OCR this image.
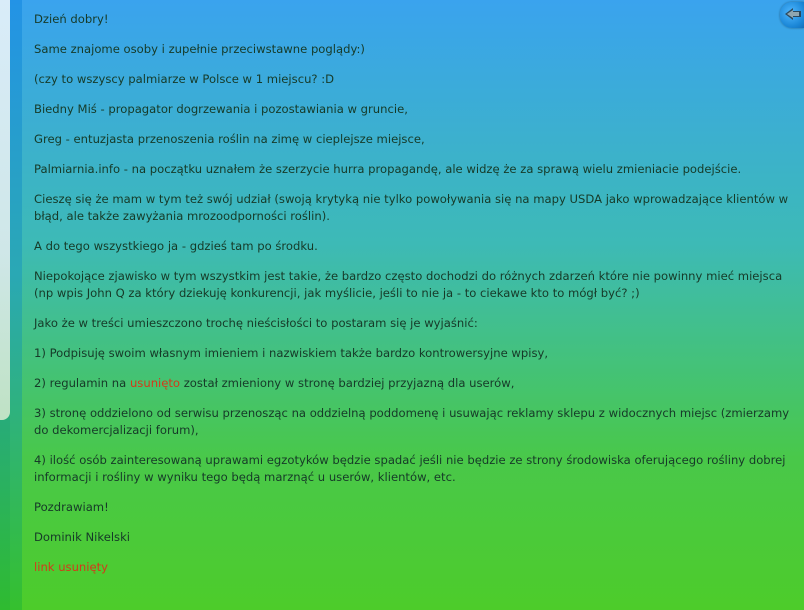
Dzień dobry!

Same znajome osoby i zupełnie przeciwstawne poglądy:)

(czy to wszyscy palmiarze w Polsce w 1 miejscu? :D

Biedny Miś - propagator dogrzewania i pozostawiania w gruncie,

Greg - entuzjasta przenoszenia roślin na zimę w cieplejsze miejsce,

Palmiarnia.info - na początku uznałem że szerzycie hurra propagandę, ale widzę że za sprawą wielu zmieniacie podejście.

Cieszę się że mam w tym też swój udział (swoją krytyką nie tylko powoływania się na mapy USDA jako wprowadzające klientów w błąd, ale także zawyżania mrozoodporności roślin).

A do tego wszystkiego ja - gdzieś tam po środku.

Niepokojące zjawisko w tym wszystkim jest takie, że bardzo często dochodzi do różnych zdarzeń które nie powinny mieć miejsca (np wpis John Q za który dziekuję konkurencji, jak myślicie, jeśli to nie ja - to ciekawe kto to mógł być? ;)

Jako że w treści umieszczono trochę nieścisłości to postaram się je wyjaśnić:

1) Podpisuję swoim własnym imieniem i nazwiskiem także bardzo kontrowersyjne wpisy,

2) regulamin na usunięto został zmieniony w stronę bardziej przyjazną dla userów,

3) stronę oddzielono od serwisu przenosząc na oddzielną poddomenę i usuwając reklamy sklepu z widocznych miejsc (zmierzamy do dekomercjalizacji forum),

4) ilość osób zainteresowaną uprawami egzotyków będzie spadać jeśli nie będzie ze strony środowiska oferującego rośliny dobrej informacji i rośliny w wyniku tego będą marznąć u userów, klientów, etc.

Pozdrawiam!

Dominik Nikelski

link usunięty
